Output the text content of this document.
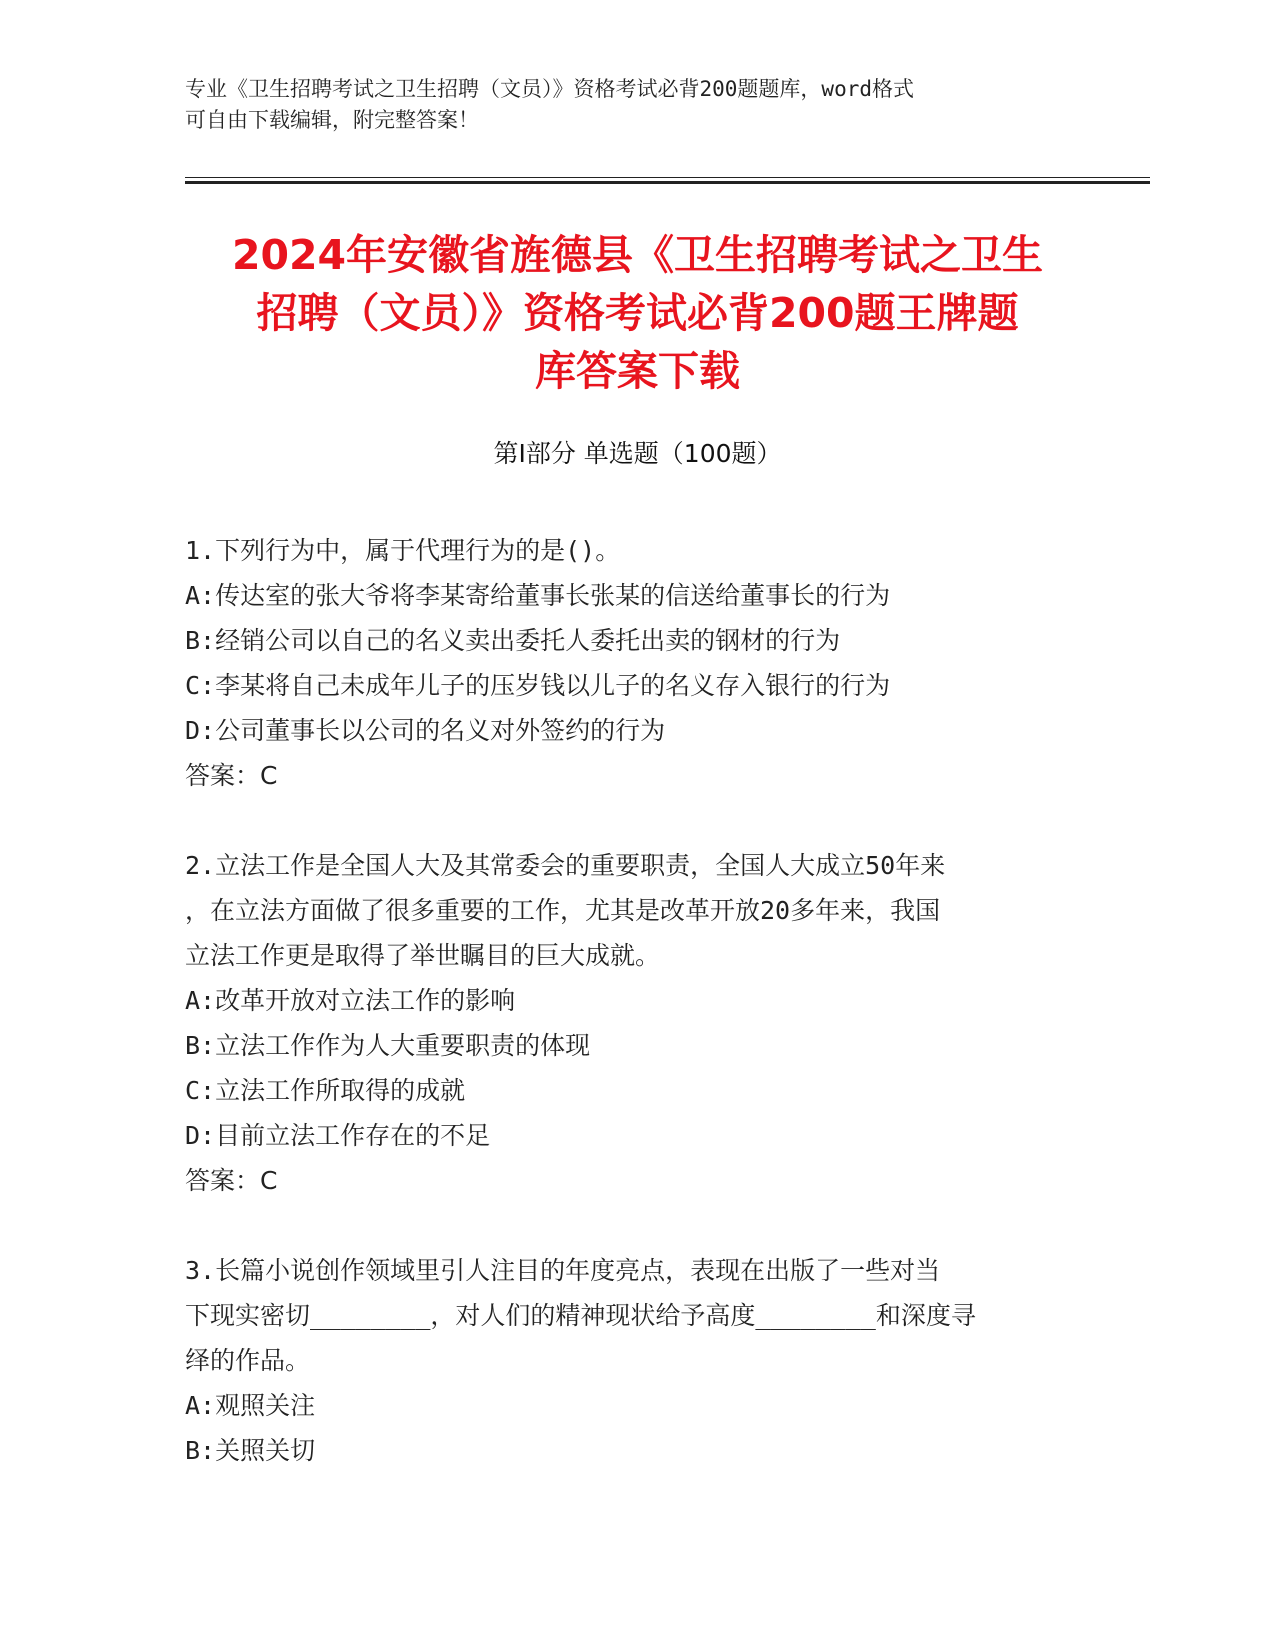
专业《卫生招聘考试之卫生招聘（文员）》资格考试必背200题题库，word格式
可自由下载编辑，附完整答案！
2024年安徽省旌德县《卫生招聘考试之卫生
招聘（文员）》资格考试必背200题王牌题
库答案下载
第Ⅰ部分 单选题（100题）

1.下列行为中，属于代理行为的是()。

A:传达室的张大爷将李某寄给董事长张某的信送给董事长的行为

B:经销公司以自己的名义卖出委托人委托出卖的钢材的行为

C:李某将自己未成年儿子的压岁钱以儿子的名义存入银行的行为

D:公司董事长以公司的名义对外签约的行为

答案：C

2.立法工作是全国人大及其常委会的重要职责，全国人大成立50年来

，在立法方面做了很多重要的工作，尤其是改革开放20多年来，我国

立法工作更是取得了举世瞩目的巨大成就。

A:改革开放对立法工作的影响

B:立法工作作为人大重要职责的体现

C:立法工作所取得的成就

D:目前立法工作存在的不足

答案：C

3.长篇小说创作领域里引人注目的年度亮点，表现在出版了一些对当

下现实密切________，对人们的精神现状给予高度________和深度寻

绎的作品。

A:观照关注

B:关照关切
